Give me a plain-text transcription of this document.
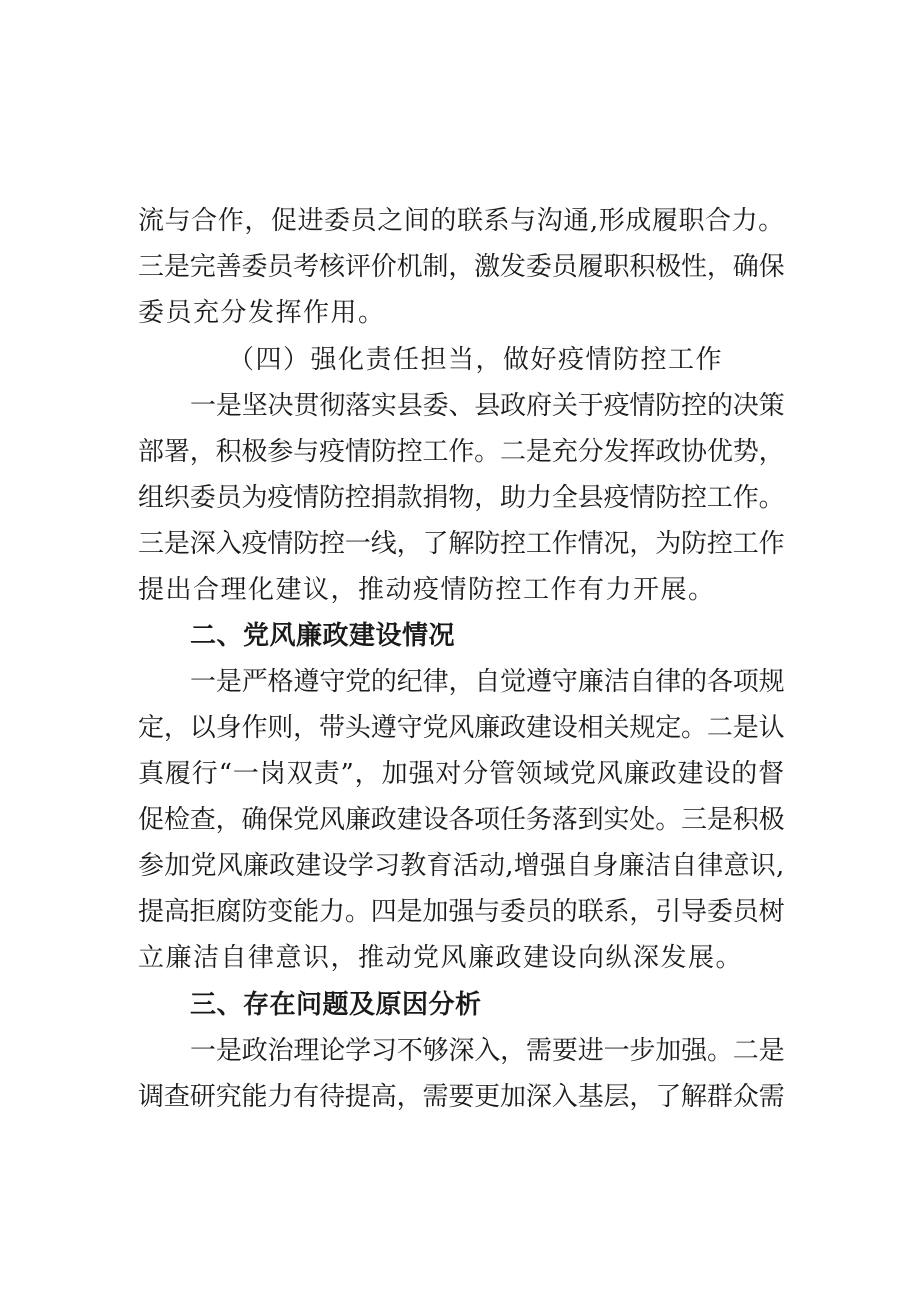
流与合作，促进委员之间的联系与沟通,形成履职合力。
三是完善委员考核评价机制，激发委员履职积极性，确保
委员充分发挥作用。
（四）强化责任担当，做好疫情防控工作
一是坚决贯彻落实县委、县政府关于疫情防控的决策
部署，积极参与疫情防控工作。二是充分发挥政协优势，
组织委员为疫情防控捐款捐物，助力全县疫情防控工作。
三是深入疫情防控一线，了解防控工作情况，为防控工作
提出合理化建议，推动疫情防控工作有力开展。
二、党风廉政建设情况
一是严格遵守党的纪律，自觉遵守廉洁自律的各项规
定，以身作则，带头遵守党风廉政建设相关规定。二是认
真履行“一岗双责”，加强对分管领域党风廉政建设的督
促检查，确保党风廉政建设各项任务落到实处。三是积极
参加党风廉政建设学习教育活动,增强自身廉洁自律意识,
提高拒腐防变能力。四是加强与委员的联系，引导委员树
立廉洁自律意识，推动党风廉政建设向纵深发展。
三、存在问题及原因分析
一是政治理论学习不够深入，需要进一步加强。二是
调查研究能力有待提高，需要更加深入基层，了解群众需
